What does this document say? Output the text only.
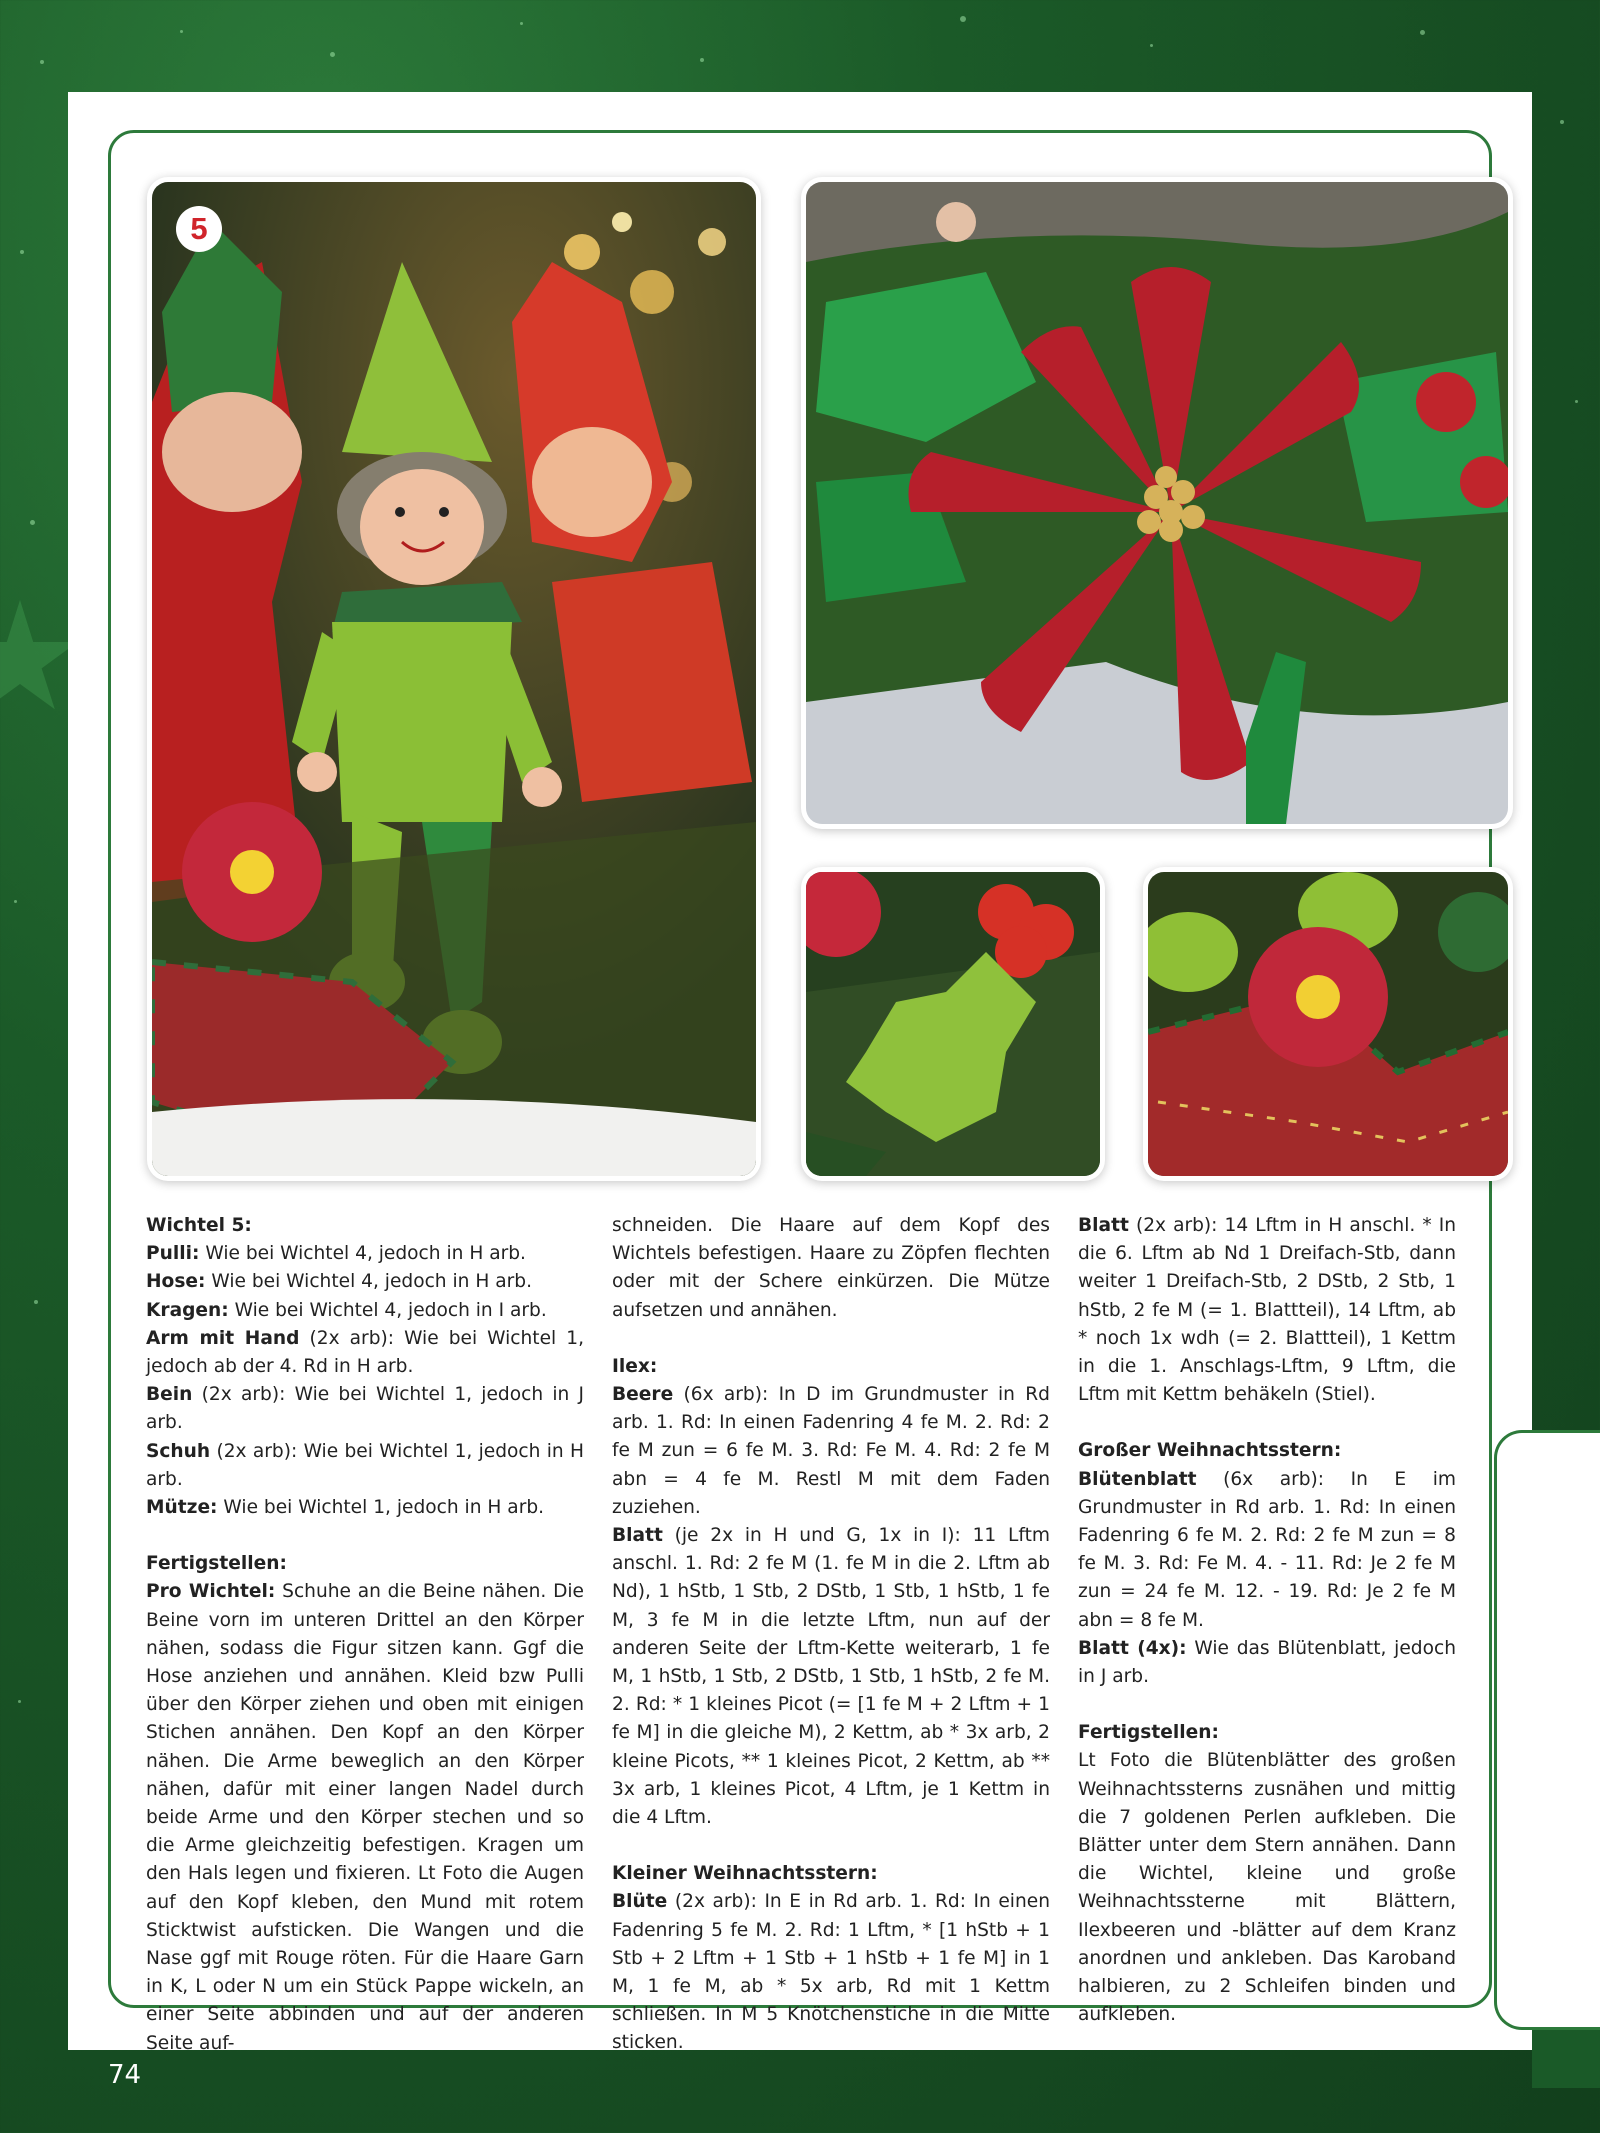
5
Wichtel 5:

Pulli: Wie bei Wichtel 4, jedoch in H arb.

Hose: Wie bei Wichtel 4, jedoch in H arb.

Kragen: Wie bei Wichtel 4, jedoch in I arb.

Arm mit Hand (2x arb): Wie bei Wichtel 1, jedoch ab der 4. Rd in H arb.

Bein (2x arb): Wie bei Wichtel 1, jedoch in J arb.

Schuh (2x arb): Wie bei Wichtel 1, jedoch in H arb.

Mütze: Wie bei Wichtel 1, jedoch in H arb.

Fertigstellen:

Pro Wichtel: Schuhe an die Beine nähen. Die Beine vorn im unteren Drittel an den Körper nähen, sodass die Figur sitzen kann. Ggf die Hose anziehen und annähen. Kleid bzw Pulli über den Körper ziehen und oben mit einigen Stichen annähen. Den Kopf an den Körper nähen. Die Arme beweglich an den Körper nähen, dafür mit einer langen Nadel durch beide Arme und den Körper stechen und so die Arme gleichzeitig befestigen. Kragen um den Hals legen und fixieren. Lt Foto die Augen auf den Kopf kleben, den Mund mit rotem Sticktwist aufsticken. Die Wangen und die Nase ggf mit Rouge röten. Für die Haare Garn in K, L oder N um ein Stück Pappe wickeln, an einer Seite abbinden und auf der anderen Seite auf-

schneiden. Die Haare auf dem Kopf des Wichtels befestigen. Haare zu Zöpfen flechten oder mit der Schere einkürzen. Die Mütze aufsetzen und annähen.

Ilex:

Beere (6x arb): In D im Grundmuster in Rd arb. 1. Rd: In einen Fadenring 4 fe M. 2. Rd: 2 fe M zun = 6 fe M. 3. Rd: Fe M. 4. Rd: 2 fe M abn = 4 fe M. Restl M mit dem Faden zuziehen.

Blatt (je 2x in H und G, 1x in I): 11 Lftm anschl. 1. Rd: 2 fe M (1. fe M in die 2. Lftm ab Nd), 1 hStb, 1 Stb, 2 DStb, 1 Stb, 1 hStb, 1 fe M, 3 fe M in die letzte Lftm, nun auf der anderen Seite der Lftm-Kette weiterarb, 1 fe M, 1 hStb, 1 Stb, 2 DStb, 1 Stb, 1 hStb, 2 fe M. 2. Rd: * 1 kleines Picot (= [1 fe M + 2 Lftm + 1 fe M] in die gleiche M), 2 Kettm, ab * 3x arb, 2 kleine Picots, ** 1 kleines Picot, 2 Kettm, ab ** 3x arb, 1 kleines Picot, 4 Lftm, je 1 Kettm in die 4 Lftm.

Kleiner Weihnachtsstern:

Blüte (2x arb): In E in Rd arb. 1. Rd: In einen Fadenring 5 fe M. 2. Rd: 1 Lftm, * [1 hStb + 1 Stb + 2 Lftm + 1 Stb + 1 hStb + 1 fe M] in 1 M, 1 fe M, ab * 5x arb, Rd mit 1 Kettm schließen. In M 5 Knötchenstiche in die Mitte sticken.

Blatt (2x arb): 14 Lftm in H anschl. * In die 6. Lftm ab Nd 1 Dreifach-Stb, dann weiter 1 Dreifach-Stb, 2 DStb, 2 Stb, 1 hStb, 2 fe M (= 1. Blattteil), 14 Lftm, ab * noch 1x wdh (= 2. Blattteil), 1 Kettm in die 1. Anschlags-Lftm, 9 Lftm, die Lftm mit Kettm behäkeln (Stiel).

Großer Weihnachtsstern:

Blütenblatt (6x arb): In E im Grundmuster in Rd arb. 1. Rd: In einen Fadenring 6 fe M. 2. Rd: 2 fe M zun = 8 fe M. 3. Rd: Fe M. 4. - 11. Rd: Je 2 fe M zun = 24 fe M. 12. - 19. Rd: Je 2 fe M abn = 8 fe M.

Blatt (4x): Wie das Blütenblatt, jedoch in J arb.

Fertigstellen:

Lt Foto die Blütenblätter des großen Weihnachtssterns zusnähen und mittig die 7 goldenen Perlen aufkleben. Die Blätter unter dem Stern annähen. Dann die Wichtel, kleine und große Weihnachtssterne mit Blättern, Ilexbeeren und -blätter auf dem Kranz anordnen und ankleben. Das Karoband halbieren, zu 2 Schleifen binden und aufkleben.

74
